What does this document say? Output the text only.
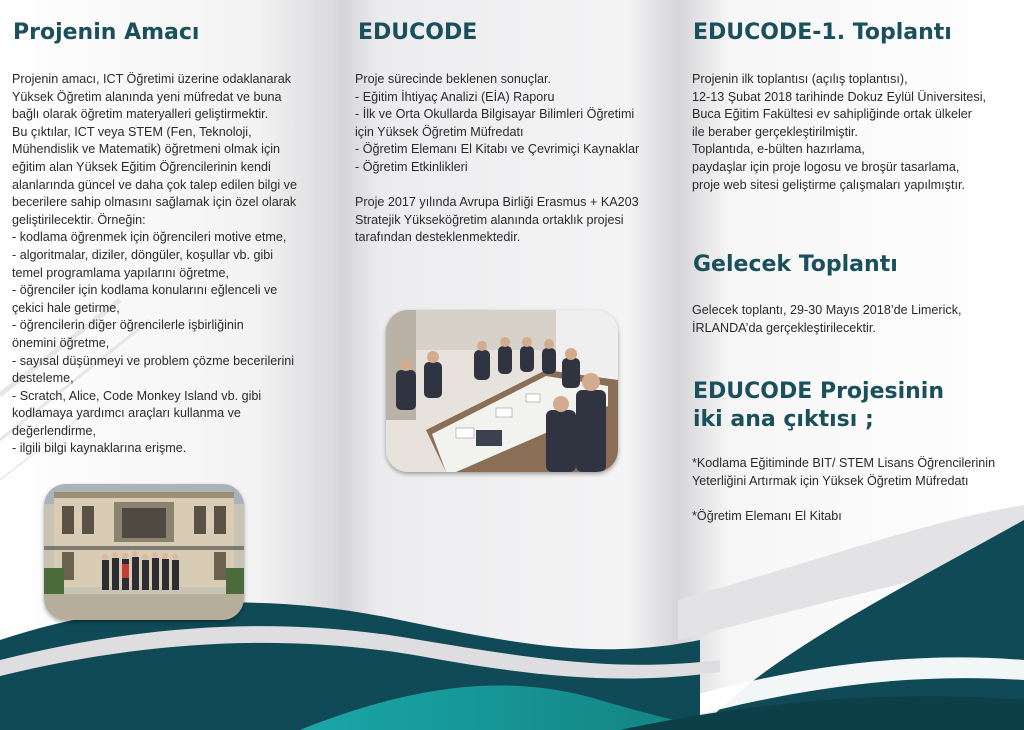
Projenin Amacı
Projenin amacı, ICT Öğretimi üzerine odaklanarak
Yüksek Öğretim alanında yeni müfredat ve buna
bağlı olarak öğretim materyalleri geliştirmektir.
Bu çıktılar, ICT veya STEM (Fen, Teknoloji,
Mühendislik ve Matematik) öğretmeni olmak için
eğitim alan Yüksek Eğitim Öğrencilerinin kendi
alanlarında güncel ve daha çok talep edilen bilgi ve
becerilere sahip olmasını sağlamak için özel olarak
geliştirilecektir. Örneğin:
- kodlama öğrenmek için öğrencileri motive etme,
- algoritmalar, diziler, döngüler, koşullar vb. gibi
temel programlama yapılarını öğretme,
- öğrenciler için kodlama konularını eğlenceli ve
çekici hale getirme,
- öğrencilerin diğer öğrencilerle işbirliğinin
önemini öğretme,
- sayısal düşünmeyi ve problem çözme becerilerini
desteleme,
- Scratch, Alice, Code Monkey Island vb. gibi
kodlamaya yardımcı araçları kullanma ve
değerlendirme,
- ilgili bilgi kaynaklarına erişme.
EDUCODE
Proje sürecinde beklenen sonuçlar.
- Eğitim İhtiyaç Analizi (EİA) Raporu
- İlk ve Orta Okullarda Bilgisayar Bilimleri Öğretimi
için Yüksek Öğretim Müfredatı
- Öğretim Elemanı El Kitabı ve Çevrimiçi Kaynaklar
- Öğretim Etkinlikleri
Proje 2017 yılında Avrupa Birliği Erasmus + KA203
Stratejik Yükseköğretim alanında ortaklık projesi
tarafından desteklenmektedir.
EDUCODE-1. Toplantı
Projenin ilk toplantısı (açılış toplantısı),
12-13 Şubat 2018 tarihinde Dokuz Eylül Üniversitesi,
Buca Eğitim Fakültesi ev sahipliğinde ortak ülkeler
ile beraber gerçekleştirilmiştir.
Toplantıda, e-bülten hazırlama,
paydaşlar için proje logosu ve broşür tasarlama,
proje web sitesi geliştirme çalışmaları yapılmıştır.
Gelecek Toplantı
Gelecek toplantı, 29-30 Mayıs 2018’de Limerick,
İRLANDA’da gerçekleştirilecektir.
EDUCODE Projesinin
iki ana çıktısı ;
*Kodlama Eğitiminde BIT/ STEM Lisans Öğrencilerinin
Yeterliğini Artırmak için Yüksek Öğretim Müfredatı
*Öğretim Elemanı El Kitabı
